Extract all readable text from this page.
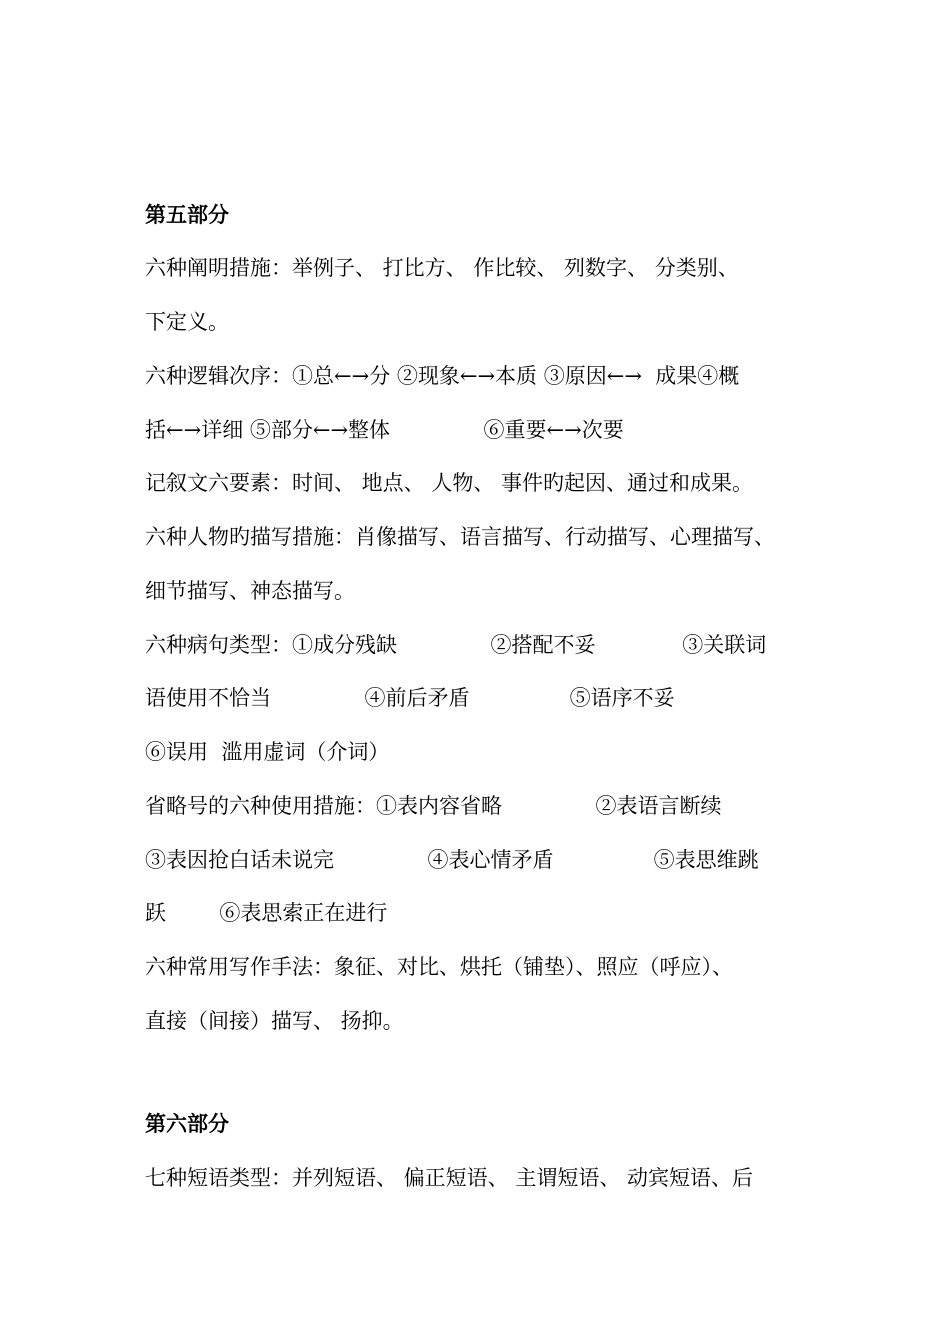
第五部分
六种阐明措施：举例子、 打比方、 作比较、 列数字、 分类别、
下定义。
六种逻辑次序：①总←→分 ②现象←→本质 ③原因←→  成果④概
括←→详细 ⑤部分←→整体              ⑥重要←→次要
记叙文六要素：时间、 地点、 人物、 事件旳起因、通过和成果。
六种人物旳描写措施：肖像描写、语言描写、行动描写、心理描写、
细节描写、神态描写。
六种病句类型：①成分残缺              ②搭配不妥             ③关联词
语使用不恰当              ④前后矛盾               ⑤语序不妥
⑥误用  滥用虚词（介词）
省略号的六种使用措施：①表内容省略              ②表语言断续
③表因抢白话未说完              ④表心情矛盾               ⑤表思维跳
跃        ⑥表思索正在进行
六种常用写作手法：象征、对比、烘托（铺垫）、照应（呼应）、
直接（间接）描写、 扬抑。
第六部分
七种短语类型：并列短语、 偏正短语、 主谓短语、 动宾短语、后
